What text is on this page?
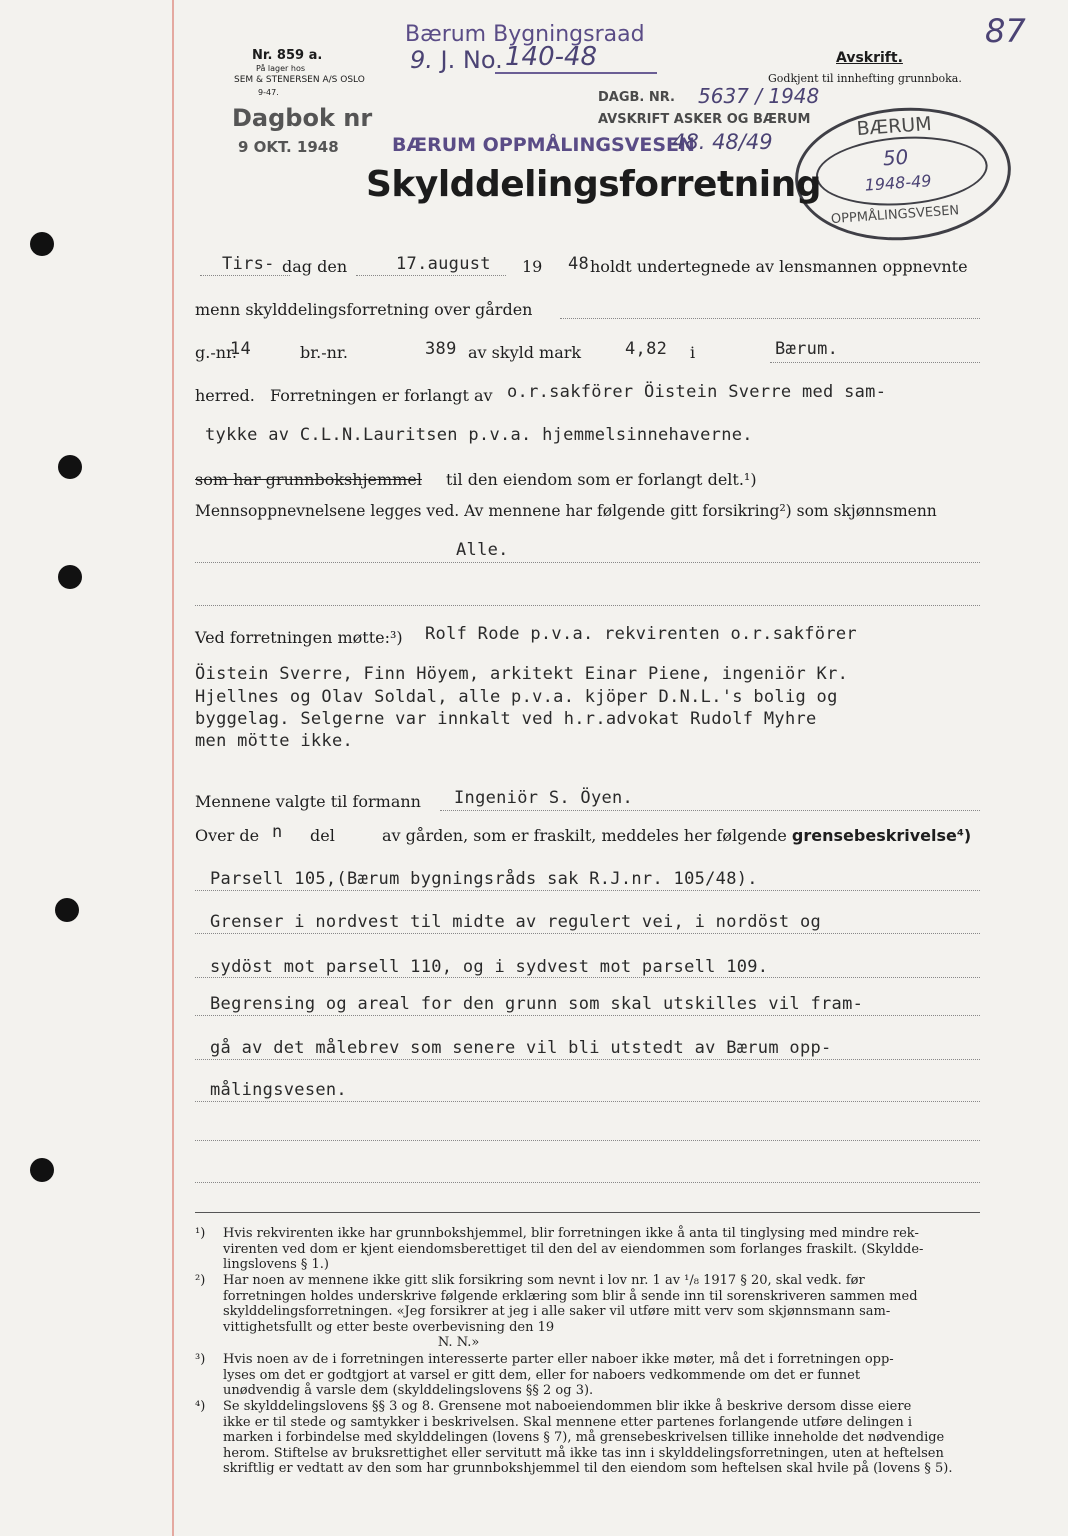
Nr. 859 a.
På lager hos
SEM & STENERSEN A/S OSLO
9-47.
Dagbok nr
9 OKT. 1948
Bærum Bygningsraad
9. J. No. 140-48
DAGB. NR. 5637 / 1948
AVSKRIFT ASKER OG BÆRUM
BÆRUM OPPMÅLINGSVESEN
48. 48/49
BÆRUM
50
1948-49
OPPMÅLINGSVESEN
Avskrift.
Godkjent til innhefting grunnboka.
87
Skylddelingsforretning
Tirs- dag den	17.august 19 48 holdt undertegnede av lensmannen oppnevnte
menn skylddelingsforretning over gården
g.-nr.
14	br.-nr.	389 av skyld mark	4,82 i	Bærum.
herred. Forretningen er forlangt av o.r.sakförer Öistein Sverre med sam-
tykke av C.L.N.Lauritsen p.v.a. hjemmelsinnehaverne.
som har grunnbokshjemmel til den eiendom som er forlangt delt.¹)
Mennsoppnevnelsene legges ved. Av mennene har følgende gitt forsikring²) som skjønnsmenn
Alle.
Ved forretningen møtte:³) Rolf Rode p.v.a. rekvirenten o.r.sakförer
Öistein Sverre, Finn Höyem, arkitekt Einar Piene, ingeniör Kr.
Hjellnes og Olav Soldal, alle p.v.a. kjöper D.N.L.'s bolig og
byggelag. Selgerne var innkalt ved h.r.advokat Rudolf Myhre
men mötte ikke.
Mennene valgte til formann Ingeniör S. Öyen.
Over de n del	av gården, som er fraskilt, meddeles her følgende grensebeskrivelse⁴)
Parsell 105,(Bærum bygningsråds sak R.J.nr. 105/48).
Grenser i nordvest til midte av regulert vei, i nordöst og
sydöst mot parsell 110, og i sydvest mot parsell 109.
Begrensing og areal for den grunn som skal utskilles vil fram-
gå av det målebrev som senere vil bli utstedt av Bærum opp-
målingsvesen.
¹) Hvis rekvirenten ikke har grunnbokshjemmel, blir forretningen ikke å anta til tinglysing med mindre rek-
virenten ved dom er kjent eiendomsberettiget til den del av eiendommen som forlanges fraskilt. (Skyldde-
lingslovens § 1.)
²) Har noen av mennene ikke gitt slik forsikring som nevnt i lov nr. 1 av ¹/₈ 1917 § 20, skal vedk. før
forretningen holdes underskrive følgende erklæring som blir å sende inn til sorenskriveren sammen med
skylddelingsforretningen. «Jeg forsikrer at jeg i alle saker vil utføre mitt verv som skjønnsmann sam-
vittighetsfullt og etter beste overbevisning den 19
N. N.»
³) Hvis noen av de i forretningen interesserte parter eller naboer ikke møter, må det i forretningen opp-
lyses om det er godtgjort at varsel er gitt dem, eller for naboers vedkommende om det er funnet
unødvendig å varsle dem (skylddelingslovens §§ 2 og 3).
⁴) Se skylddelingslovens §§ 3 og 8. Grensene mot naboeiendommen blir ikke å beskrive dersom disse eiere
ikke er til stede og samtykker i beskrivelsen. Skal mennene etter partenes forlangende utføre delingen i
marken i forbindelse med skylddelingen (lovens § 7), må grensebeskrivelsen tillike inneholde det nødvendige
herom. Stiftelse av bruksrettighet eller servitutt må ikke tas inn i skylddelingsforretningen, uten at heftelsen
skriftlig er vedtatt av den som har grunnbokshjemmel til den eiendom som heftelsen skal hvile på (lovens § 5).
